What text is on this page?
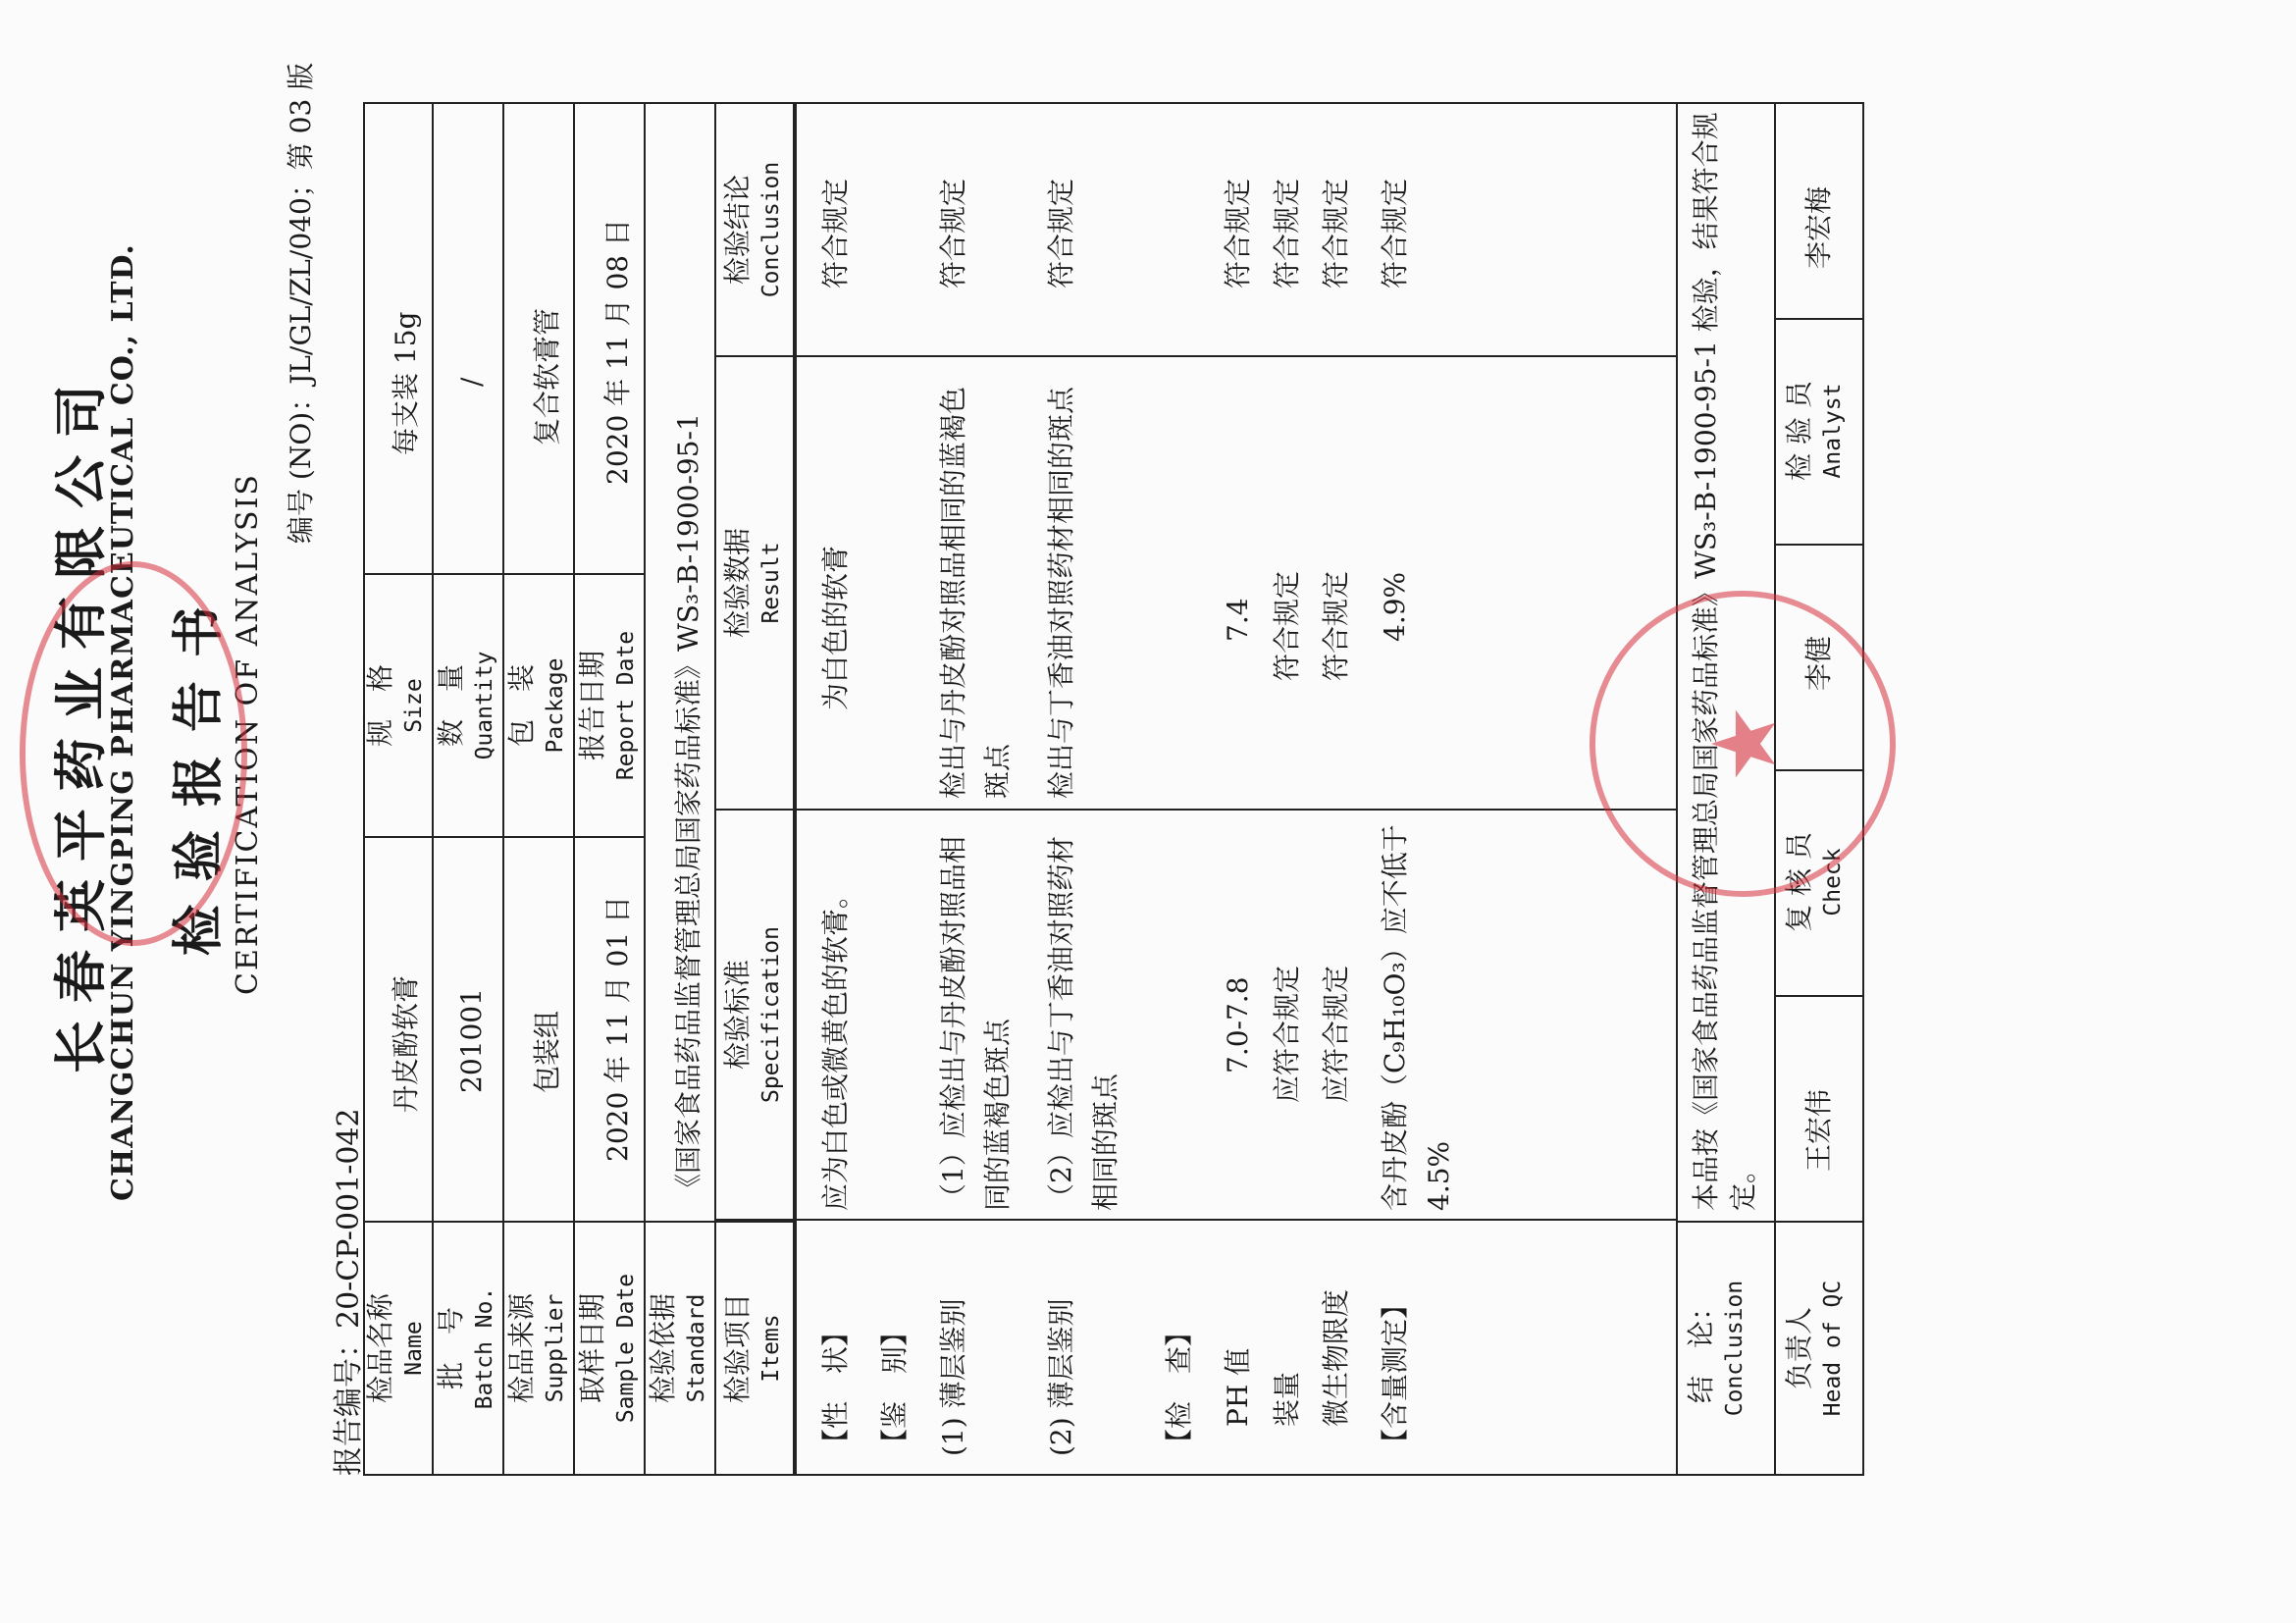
长春英平药业有限公司
CHANGCHUN YINGPING PHARMACEUTICAL CO., LTD. 检验报告书 CERTIFICATION OF ANALYSIS
编号 (NO)：JL/GL/ZL/040；第 03 版
报告编号：20-CP-001-042
检品名称 Name
丹皮酚软膏
规　格 Size
每支装 15g
批　号 Batch No.
201001
数　量 Quantity
/
检品来源 Supplier
包装组
包　装 Package
复合软膏管
取样日期 Sample Date
2020 年 11 月 01 日
报告日期 Report Date
2020 年 11 月 08 日
检验依据 Standard
《国家食品药品监督管理总局国家药品标准》WS₃-B-1900-95-1
检验项目 Items
检验标准 Specification
检验数据 Result
检验结论 Conclusion
【性　状】
应为白色或微黄色的软膏。
为白色的软膏
符合规定
【鉴　别】 (1) 薄层鉴别
（1）应检出与丹皮酚对照品相同的蓝褐色斑点
检出与丹皮酚对照品相同的蓝褐色斑点
符合规定
(2) 薄层鉴别
（2）应检出与丁香油对照药材相同的斑点
检出与丁香油对照药材相同的斑点
符合规定
【检　查】 PH 值
7.0-7.8
7.4
符合规定
装量
应符合规定
符合规定
符合规定
微生物限度
应符合规定
符合规定
符合规定
【含量测定】
含丹皮酚（C₉H₁₀O₃）应不低于 4.5%
4.9%
符合规定
结　论： Conclusion
本品按《国家食品药品监督管理总局国家药品标准》WS₃-B-1900-95-1 检验，结果符合规定。
负责人 Head of QC
王宏伟
复 核 员 Check
李健
检 验 员 Analyst
李宏梅
★
